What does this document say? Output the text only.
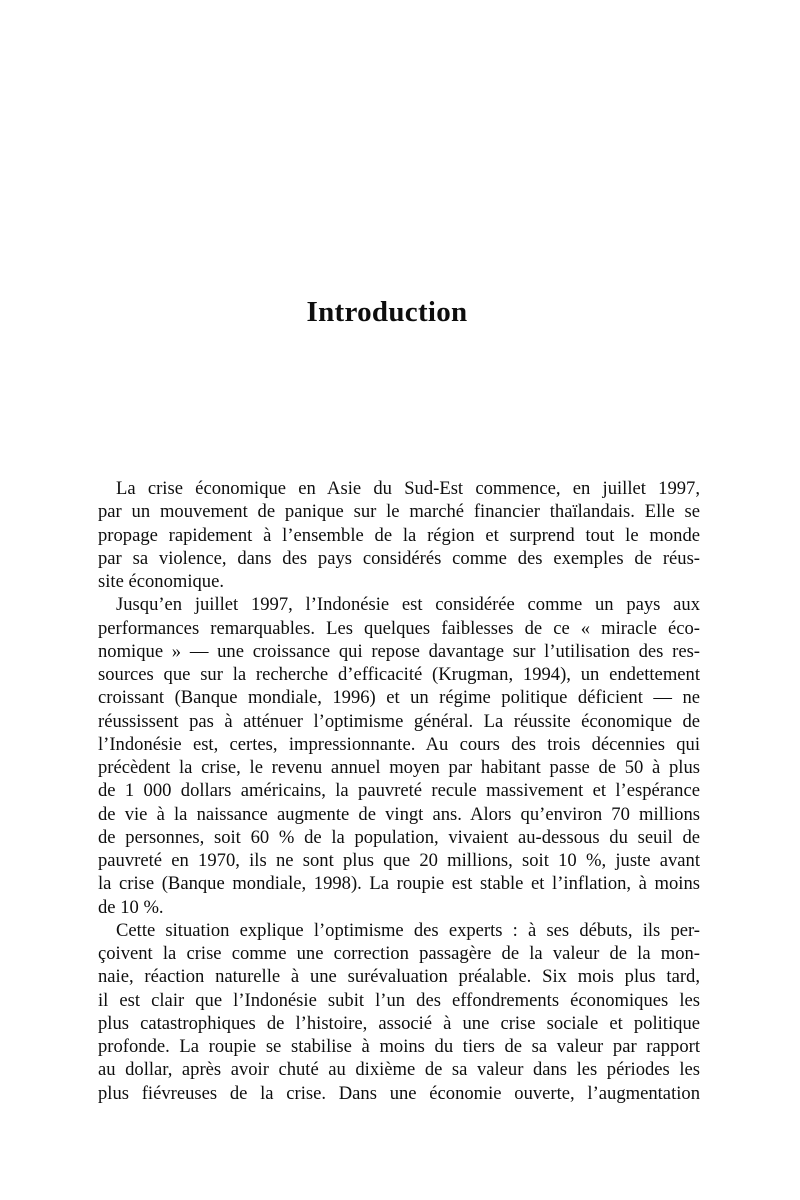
Introduction
La crise économique en Asie du Sud-Est commence, en juillet 1997,
par un mouvement de panique sur le marché financier thaïlandais. Elle se
propage rapidement à l’ensemble de la région et surprend tout le monde
par sa violence, dans des pays considérés comme des exemples de réus-
site économique.
Jusqu’en juillet 1997, l’Indonésie est considérée comme un pays aux
performances remarquables. Les quelques faiblesses de ce « miracle éco-
nomique » — une croissance qui repose davantage sur l’utilisation des res-
sources que sur la recherche d’efficacité (Krugman, 1994), un endettement
croissant (Banque mondiale, 1996) et un régime politique déficient — ne
réussissent pas à atténuer l’optimisme général. La réussite économique de
l’Indonésie est, certes, impressionnante. Au cours des trois décennies qui
précèdent la crise, le revenu annuel moyen par habitant passe de 50 à plus
de 1 000 dollars américains, la pauvreté recule massivement et l’espérance
de vie à la naissance augmente de vingt ans. Alors qu’environ 70 millions
de personnes, soit 60 % de la population, vivaient au-dessous du seuil de
pauvreté en 1970, ils ne sont plus que 20 millions, soit 10 %, juste avant
la crise (Banque mondiale, 1998). La roupie est stable et l’inflation, à moins
de 10 %.
Cette situation explique l’optimisme des experts : à ses débuts, ils per-
çoivent la crise comme une correction passagère de la valeur de la mon-
naie, réaction naturelle à une surévaluation préalable. Six mois plus tard,
il est clair que l’Indonésie subit l’un des effondrements économiques les
plus catastrophiques de l’histoire, associé à une crise sociale et politique
profonde. La roupie se stabilise à moins du tiers de sa valeur par rapport
au dollar, après avoir chuté au dixième de sa valeur dans les périodes les
plus fiévreuses de la crise. Dans une économie ouverte, l’augmentation
